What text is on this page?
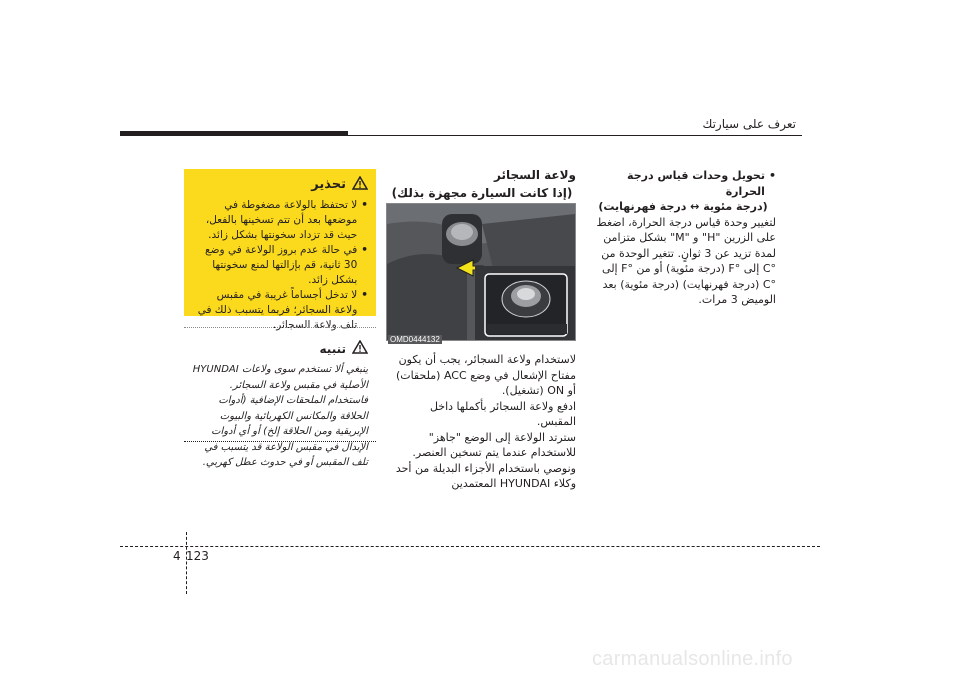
تعرف على سيارتك
•
تحويل وحدات قياس درجة الحرارة
(درجة مئوية ↔ درجة فهرنهايت)
لتغيير وحدة قياس درجة الحرارة، اضغط على الزرين "H" و "M" بشكل متزامن لمدة تزيد عن 3 ثوانٍ. تتغير الوحدة من °C إلى °F (درجة مئوية) أو من °F إلى °C (درجة فهرنهايت) (درجة مئوية) بعد الوميض 3 مرات.
ولاعة السجائر
(إذا كانت السيارة مجهزة بذلك)
OMD0444132

لاستخدام ولاعة السجائر، يجب أن يكون مفتاح الإشعال في وضع ACC (ملحقات) أو ON (تشغيل).

ادفع ولاعة السجائر بأكملها داخل المقبس.

سترتد الولاعة إلى الوضع "جاهز" للاستخدام عندما يتم تسخين العنصر.

ونوصي باستخدام الأجزاء البديلة من أحد وكلاء HYUNDAI المعتمدين

تحذير
•
لا تحتفظ بالولاعة مضغوطة في موضعها بعد أن تتم تسخينها بالفعل، حيث قد تزداد سخونتها بشكل زائد.
•
في حالة عدم بروز الولاعة في وضع 30 ثانية، قم بإزالتها لمنع سخونتها بشكل زائد.
•
لا تدخل أجساماً غريبة في مقبس ولاعة السجائر؛ فربما يتسبب ذلك في تلف ولاعة السجائر.
تنبيه
ينبغي ألا تستخدم سوى ولاعات HYUNDAI الأصلية في مقبس ولاعة السجائر. فاستخدام الملحقات الإضافية (أدوات الحلاقة والمكانس الكهربائية والبيوت الإبريقية ومن الحلاقة إلخ) أو أي أدوات الإبدال في مقبس الولاعة قد يتسبب في تلف المقبس أو في حدوث عطل كهربي.
4 123
carmanualsonline.info
